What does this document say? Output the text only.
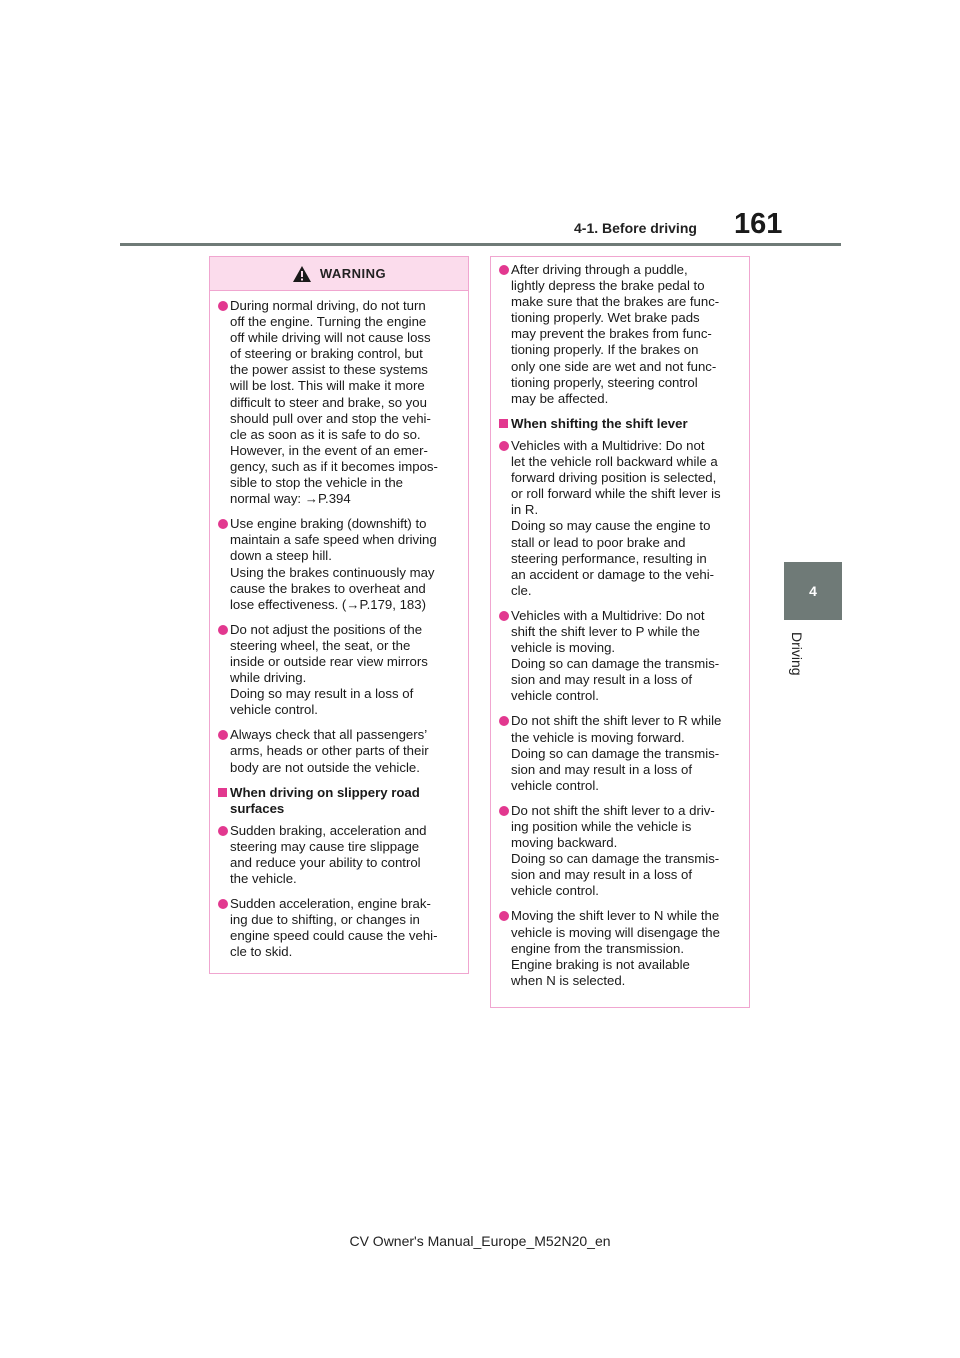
4-1. Before driving 161
4
Driving
WARNING
During normal driving, do not turn
off the engine. Turning the engine
off while driving will not cause loss
of steering or braking control, but
the power assist to these systems
will be lost. This will make it more
difficult to steer and brake, so you
should pull over and stop the vehi-
cle as soon as it is safe to do so.
However, in the event of an emer-
gency, such as if it becomes impos-
sible to stop the vehicle in the
normal way: →P.394
Use engine braking (downshift) to
maintain a safe speed when driving
down a steep hill.
Using the brakes continuously may
cause the brakes to overheat and
lose effectiveness. (→P.179, 183)
Do not adjust the positions of the
steering wheel, the seat, or the
inside or outside rear view mirrors
while driving.
Doing so may result in a loss of
vehicle control.
Always check that all passengers’
arms, heads or other parts of their
body are not outside the vehicle.
When driving on slippery road surfaces
Sudden braking, acceleration and
steering may cause tire slippage
and reduce your ability to control
the vehicle.
Sudden acceleration, engine brak-
ing due to shifting, or changes in
engine speed could cause the vehi-
cle to skid.
After driving through a puddle,
lightly depress the brake pedal to
make sure that the brakes are func-
tioning properly. Wet brake pads
may prevent the brakes from func-
tioning properly. If the brakes on
only one side are wet and not func-
tioning properly, steering control
may be affected.
When shifting the shift lever
Vehicles with a Multidrive: Do not
let the vehicle roll backward while a
forward driving position is selected,
or roll forward while the shift lever is
in R.
Doing so may cause the engine to
stall or lead to poor brake and
steering performance, resulting in
an accident or damage to the vehi-
cle.
Vehicles with a Multidrive: Do not
shift the shift lever to P while the
vehicle is moving.
Doing so can damage the transmis-
sion and may result in a loss of
vehicle control.
Do not shift the shift lever to R while
the vehicle is moving forward.
Doing so can damage the transmis-
sion and may result in a loss of
vehicle control.
Do not shift the shift lever to a driv-
ing position while the vehicle is
moving backward.
Doing so can damage the transmis-
sion and may result in a loss of
vehicle control.
Moving the shift lever to N while the
vehicle is moving will disengage the
engine from the transmission.
Engine braking is not available
when N is selected.
CV Owner's Manual_Europe_M52N20_en
